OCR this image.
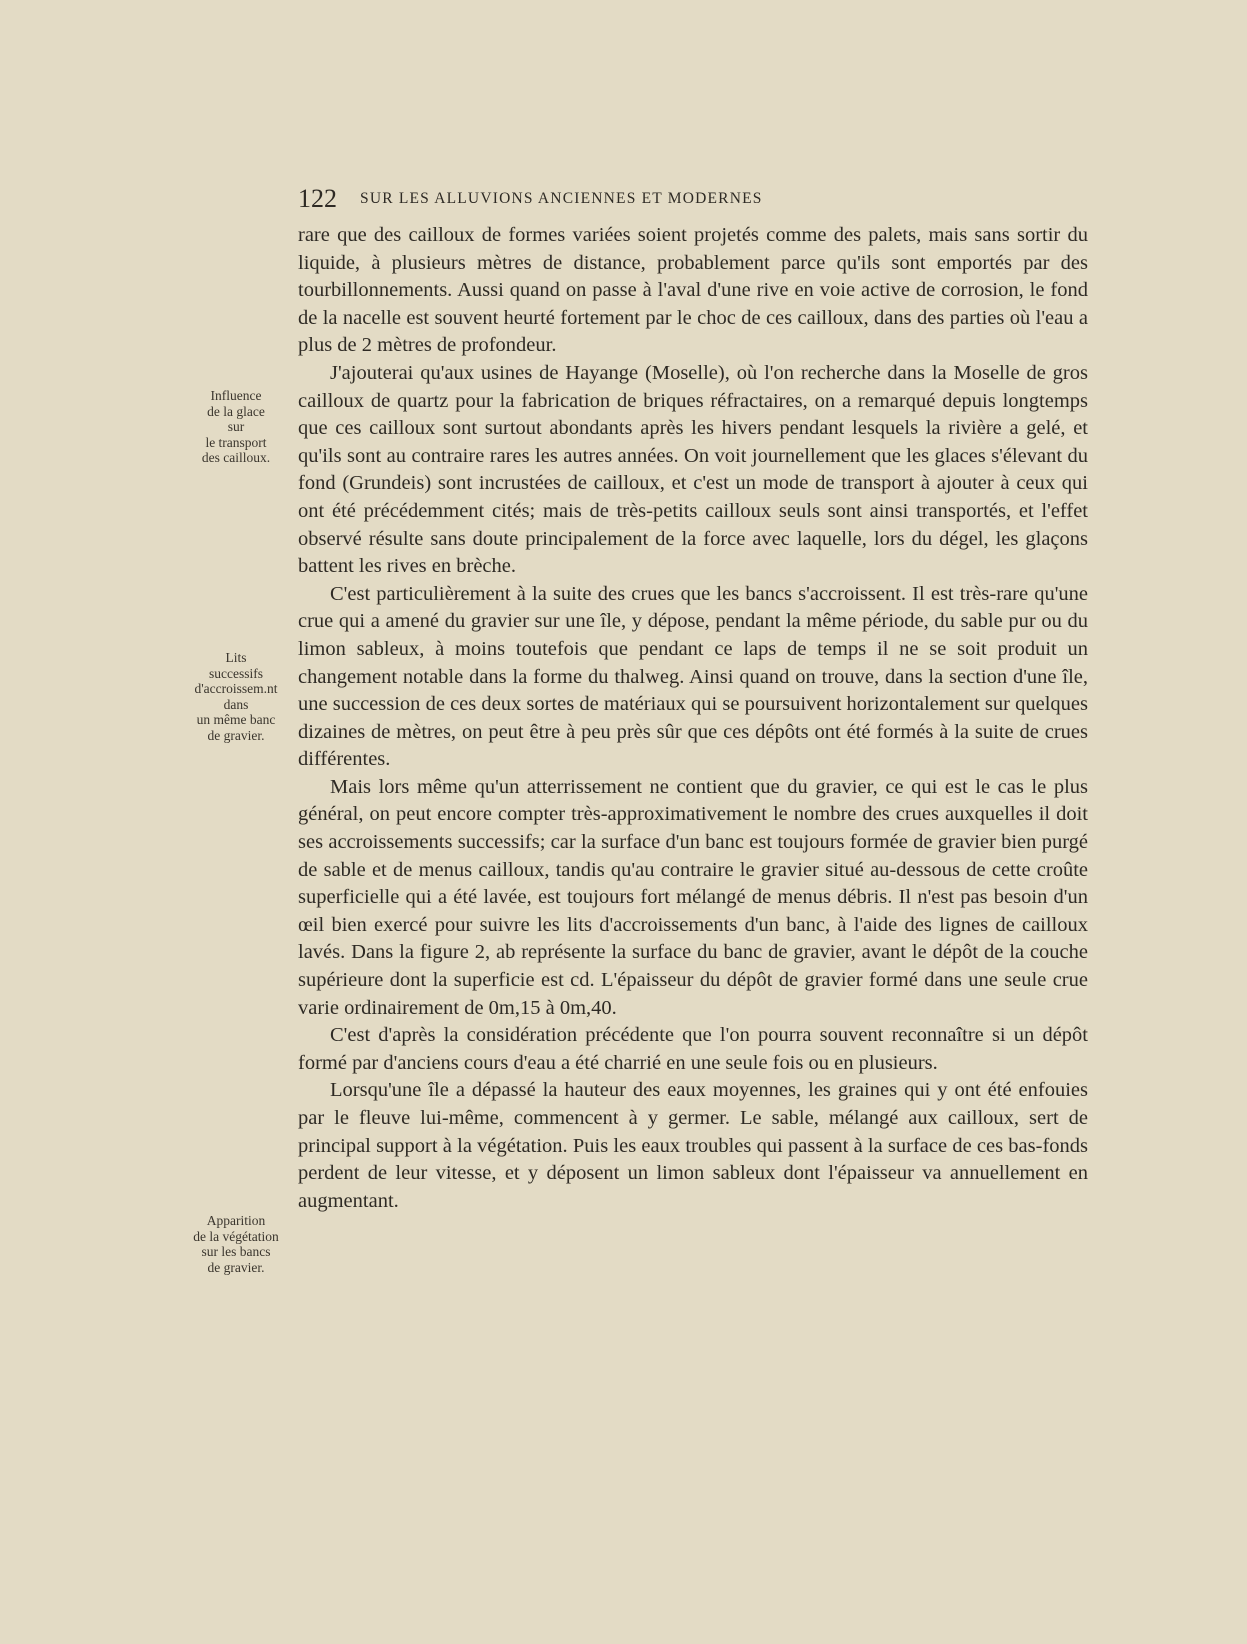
122 SUR LES ALLUVIONS ANCIENNES ET MODERNES
Influence
de la glace
sur
le transport
des cailloux.
Lits
successifs
d'accroissem.nt
dans
un même banc
de gravier.
Apparition
de la végétation
sur les bancs
de gravier.

rare que des cailloux de formes variées soient projetés comme des palets, mais sans sortir du liquide, à plusieurs mètres de distance, probablement parce qu'ils sont emportés par des tourbillonnements. Aussi quand on passe à l'aval d'une rive en voie active de corrosion, le fond de la nacelle est souvent heurté fortement par le choc de ces cailloux, dans des parties où l'eau a plus de 2 mètres de profondeur.

J'ajouterai qu'aux usines de Hayange (Moselle), où l'on recherche dans la Moselle de gros cailloux de quartz pour la fabrication de briques réfractaires, on a remarqué depuis longtemps que ces cailloux sont surtout abondants après les hivers pendant lesquels la rivière a gelé, et qu'ils sont au contraire rares les autres années. On voit journellement que les glaces s'élevant du fond (Grundeis) sont incrustées de cailloux, et c'est un mode de transport à ajouter à ceux qui ont été précédemment cités; mais de très-petits cailloux seuls sont ainsi transportés, et l'effet observé résulte sans doute principalement de la force avec laquelle, lors du dégel, les glaçons battent les rives en brèche.

C'est particulièrement à la suite des crues que les bancs s'accroissent. Il est très-rare qu'une crue qui a amené du gravier sur une île, y dépose, pendant la même période, du sable pur ou du limon sableux, à moins toutefois que pendant ce laps de temps il ne se soit produit un changement notable dans la forme du thalweg. Ainsi quand on trouve, dans la section d'une île, une succession de ces deux sortes de matériaux qui se poursuivent horizontalement sur quelques dizaines de mètres, on peut être à peu près sûr que ces dépôts ont été formés à la suite de crues différentes.

Mais lors même qu'un atterrissement ne contient que du gravier, ce qui est le cas le plus général, on peut encore compter très-approximativement le nombre des crues auxquelles il doit ses accroissements successifs; car la surface d'un banc est toujours formée de gravier bien purgé de sable et de menus cailloux, tandis qu'au contraire le gravier situé au-dessous de cette croûte superficielle qui a été lavée, est toujours fort mélangé de menus débris. Il n'est pas besoin d'un œil bien exercé pour suivre les lits d'accroissements d'un banc, à l'aide des lignes de cailloux lavés. Dans la figure 2, ab représente la surface du banc de gravier, avant le dépôt de la couche supérieure dont la superficie est cd. L'épaisseur du dépôt de gravier formé dans une seule crue varie ordinairement de 0m,15 à 0m,40.

C'est d'après la considération précédente que l'on pourra souvent reconnaître si un dépôt formé par d'anciens cours d'eau a été charrié en une seule fois ou en plusieurs.

Lorsqu'une île a dépassé la hauteur des eaux moyennes, les graines qui y ont été enfouies par le fleuve lui-même, commencent à y germer. Le sable, mélangé aux cailloux, sert de principal support à la végétation. Puis les eaux troubles qui passent à la surface de ces bas-fonds perdent de leur vitesse, et y déposent un limon sableux dont l'épaisseur va annuellement en augmentant.
